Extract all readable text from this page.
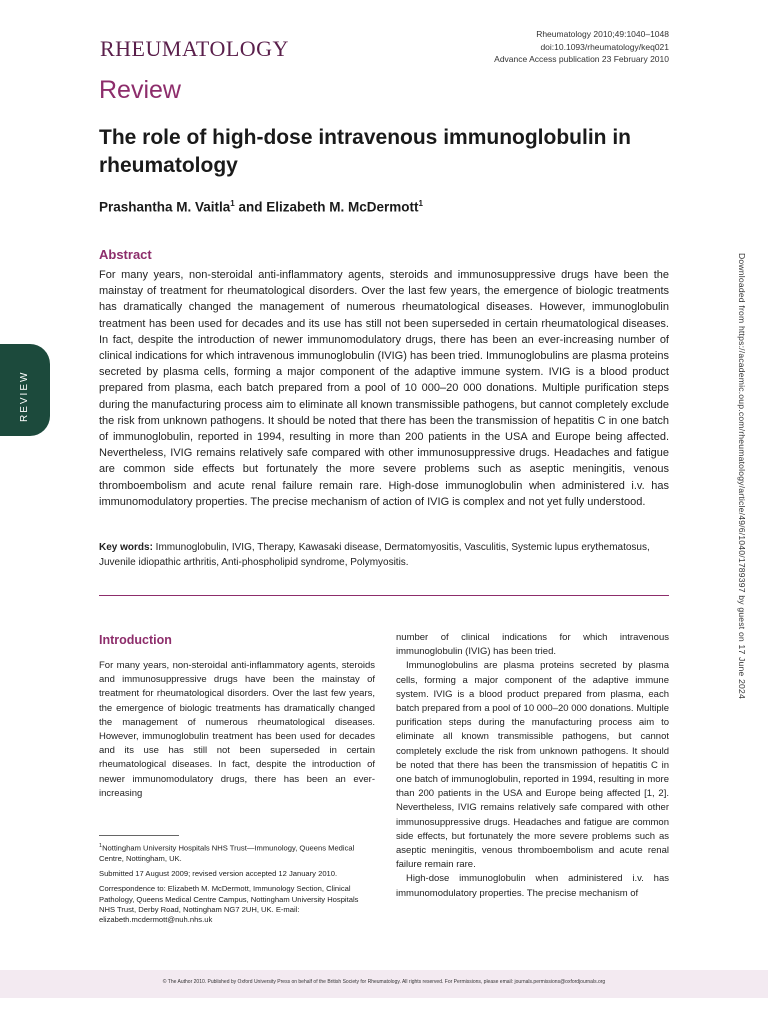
RHEUMATOLOGY
Rheumatology 2010;49:1040–1048
doi:10.1093/rheumatology/keq021
Advance Access publication 23 February 2010
Review
The role of high-dose intravenous immunoglobulin in rheumatology
Prashantha M. Vaitla$^1$ and Elizabeth M. McDermott$^1$
Abstract
For many years, non-steroidal anti-inflammatory agents, steroids and immunosuppressive drugs have been the mainstay of treatment for rheumatological disorders. Over the last few years, the emergence of biologic treatments has dramatically changed the management of numerous rheumatological diseases. However, immunoglobulin treatment has been used for decades and its use has still not been superseded in certain rheumatological diseases. In fact, despite the introduction of newer immunomodulatory drugs, there has been an ever-increasing number of clinical indications for which intravenous immunoglobulin (IVIG) has been tried. Immunoglobulins are plasma proteins secreted by plasma cells, forming a major component of the adaptive immune system. IVIG is a blood product prepared from plasma, each batch prepared from a pool of 10 000–20 000 donations. Multiple purification steps during the manufacturing process aim to eliminate all known transmissible pathogens, but cannot completely exclude the risk from unknown pathogens. It should be noted that there has been the transmission of hepatitis C in one batch of immunoglobulin, reported in 1994, resulting in more than 200 patients in the USA and Europe being affected. Nevertheless, IVIG remains relatively safe compared with other immunosuppressive drugs. Headaches and fatigue are common side effects but fortunately the more severe problems such as aseptic meningitis, venous thromboembolism and acute renal failure remain rare. High-dose immunoglobulin when administered i.v. has immunomodulatory properties. The precise mechanism of action of IVIG is complex and not yet fully understood.
Key words: Immunoglobulin, IVIG, Therapy, Kawasaki disease, Dermatomyositis, Vasculitis, Systemic lupus erythematosus, Juvenile idiopathic arthritis, Anti-phospholipid syndrome, Polymyositis.
REVIEW	Downloaded from https://academic.oup.com/rheumatology/article/49/6/1040/1789397 by guest on 17 June 2024
Introduction

For many years, non-steroidal anti-inflammatory agents, steroids and immunosuppressive drugs have been the mainstay of treatment for rheumatological disorders. Over the last few years, the emergence of biologic treatments has dramatically changed the management of numerous rheumatological diseases. However, immunoglobulin treatment has been used for decades and its use has still not been superseded in certain rheumatological diseases. In fact, despite the introduction of newer immunomodulatory drugs, there has been an ever-increasing

$^1$Nottingham University Hospitals NHS Trust—Immunology, Queens Medical Centre, Nottingham, UK.

Submitted 17 August 2009; revised version accepted 12 January 2010.

Correspondence to: Elizabeth M. McDermott, Immunology Section, Clinical Pathology, Queens Medical Centre Campus, Nottingham University Hospitals NHS Trust, Derby Road, Nottingham NG7 2UH, UK. E-mail: elizabeth.mcdermott@nuh.nhs.uk

number of clinical indications for which intravenous immunoglobulin (IVIG) has been tried.

Immunoglobulins are plasma proteins secreted by plasma cells, forming a major component of the adaptive immune system. IVIG is a blood product prepared from plasma, each batch prepared from a pool of 10 000–20 000 donations. Multiple purification steps during the manufacturing process aim to eliminate all known transmissible pathogens, but cannot completely exclude the risk from unknown pathogens. It should be noted that there has been the transmission of hepatitis C in one batch of immunoglobulin, reported in 1994, resulting in more than 200 patients in the USA and Europe being affected [1, 2]. Nevertheless, IVIG remains relatively safe compared with other immunosuppressive drugs. Headaches and fatigue are common side effects, but fortunately the more severe problems such as aseptic meningitis, venous thromboembolism and acute renal failure remain rare.

High-dose immunoglobulin when administered i.v. has immunomodulatory properties. The precise mechanism of

© The Author 2010. Published by Oxford University Press on behalf of the British Society for Rheumatology. All rights reserved. For Permissions, please email: journals.permissions@oxfordjournals.org
